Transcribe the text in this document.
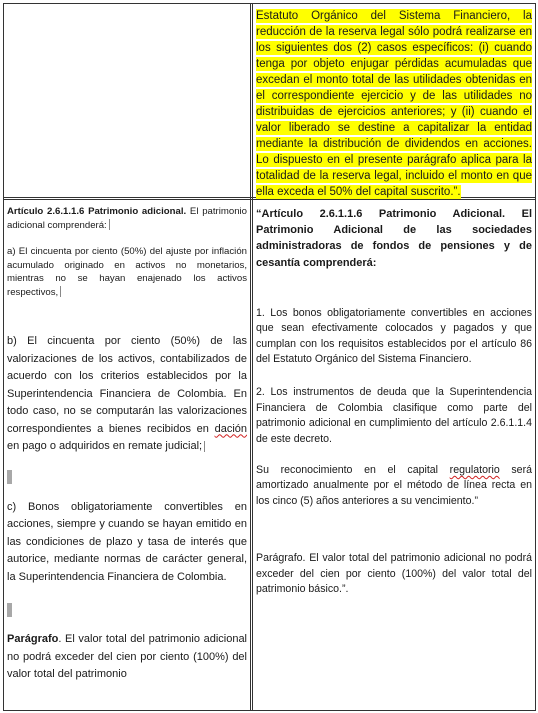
Estatuto Orgánico del Sistema Financiero, la reducción de la reserva legal sólo podrá realizarse en los siguientes dos (2) casos específicos: (i) cuando tenga por objeto enjugar pérdidas acumuladas que excedan el monto total de las utilidades obtenidas en el correspondiente ejercicio y de las utilidades no distribuidas de ejercicios anteriores; y (ii) cuando el valor liberado se destine a capitalizar la entidad mediante la distribución de dividendos en acciones. Lo dispuesto en el presente parágrafo aplica para la totalidad de la reserva legal, incluido el monto en que ella exceda el 50% del capital suscrito.”.

Artículo 2.6.1.1.6 Patrimonio adicional. El patrimonio adicional comprenderá:

a) El cincuenta por ciento (50%) del ajuste por inflación acumulado originado en activos no monetarios, mientras no se hayan enajenado los activos respectivos,

b) El cincuenta por ciento (50%) de las valorizaciones de los activos, contabilizados de acuerdo con los criterios establecidos por la Superintendencia Financiera de Colombia. En todo caso, no se computarán las valorizaciones correspondientes a bienes recibidos en dación en pago o adquiridos en remate judicial;

c) Bonos obligatoriamente convertibles en acciones, siempre y cuando se hayan emitido en las condiciones de plazo y tasa de interés que autorice, mediante normas de carácter general, la Superintendencia Financiera de Colombia.

Parágrafo. El valor total del patrimonio adicional no podrá exceder del cien por ciento (100%) del valor total del patrimonio

“Artículo 2.6.1.1.6 Patrimonio Adicional. El Patrimonio Adicional de las sociedades administradoras de fondos de pensiones y de cesantía comprenderá:

1. Los bonos obligatoriamente convertibles en acciones que sean efectivamente colocados y pagados y que cumplan con los requisitos establecidos por el artículo 86 del Estatuto Orgánico del Sistema Financiero.

2. Los instrumentos de deuda que la Superintendencia Financiera de Colombia clasifique como parte del patrimonio adicional en cumplimiento del artículo 2.6.1.1.4 de este decreto.

Su reconocimiento en el capital regulatorio será amortizado anualmente por el método de línea recta en los cinco (5) años anteriores a su vencimiento.”

Parágrafo. El valor total del patrimonio adicional no podrá exceder del cien por ciento (100%) del valor total del patrimonio básico.”.
